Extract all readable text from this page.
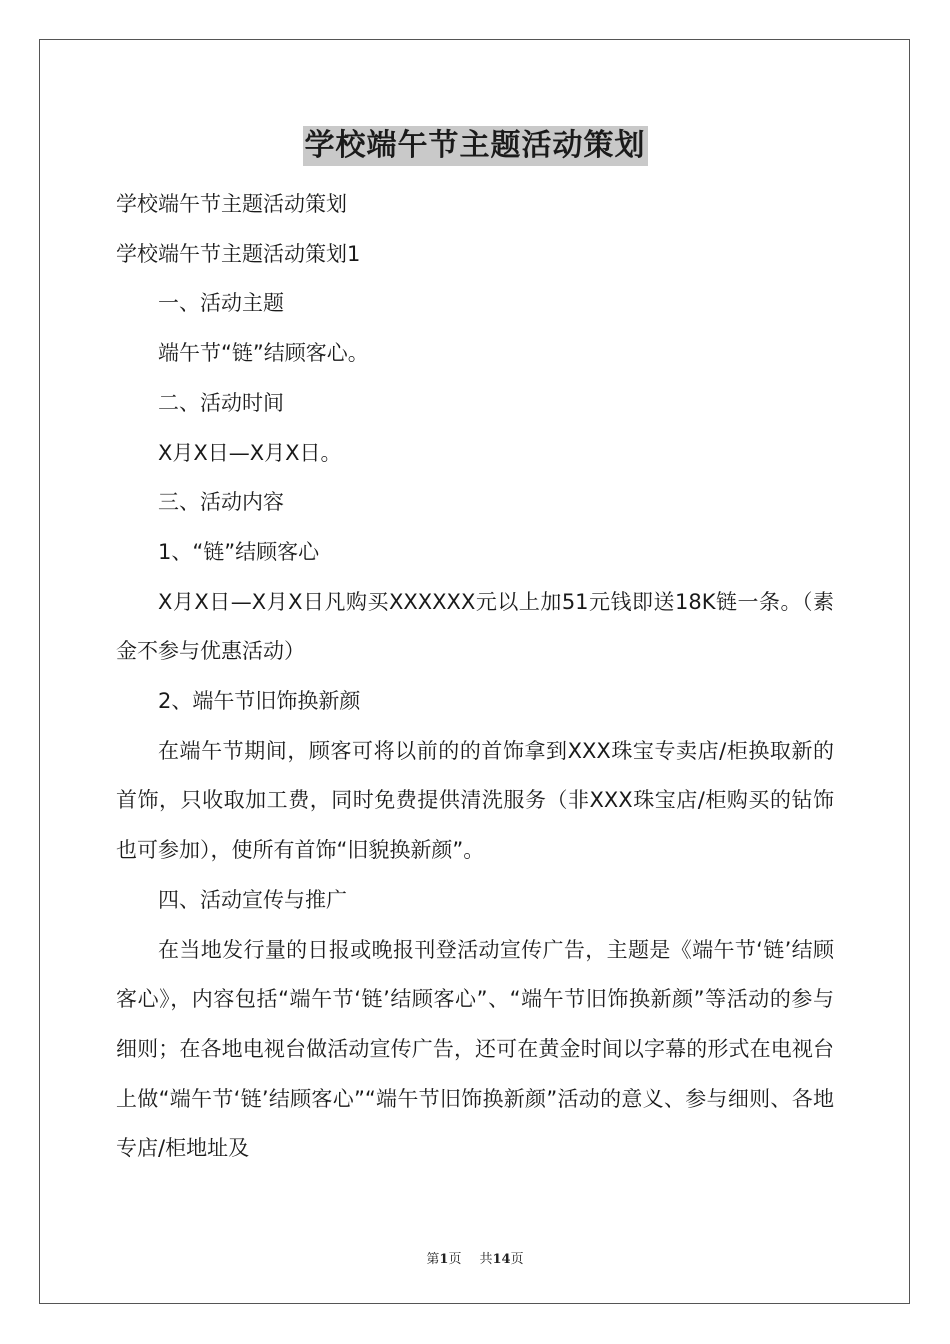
学校端午节主题活动策划

学校端午节主题活动策划

学校端午节主题活动策划1

一、活动主题

端午节“链”结顾客心。

二、活动时间

X月X日—X月X日。

三、活动内容

1、“链”结顾客心

X月X日—X月X日凡购买XXXXXX元以上加51元钱即送18K链一条。（素金不参与优惠活动）

2、端午节旧饰换新颜

在端午节期间，顾客可将以前的的首饰拿到XXX珠宝专卖店/柜换取新的首饰，只收取加工费，同时免费提供清洗服务（非XXX珠宝店/柜购买的钻饰也可参加），使所有首饰“旧貌换新颜”。

四、活动宣传与推广

在当地发行量的日报或晚报刊登活动宣传广告，主题是《端午节‘链’结顾客心》，内容包括“端午节‘链’结顾客心”、“端午节旧饰换新颜”等活动的参与细则；在各地电视台做活动宣传广告，还可在黄金时间以字幕的形式在电视台上做“端午节‘链’结顾客心”“端午节旧饰换新颜”活动的意义、参与细则、各地专店/柜地址及

第1页 共14页
